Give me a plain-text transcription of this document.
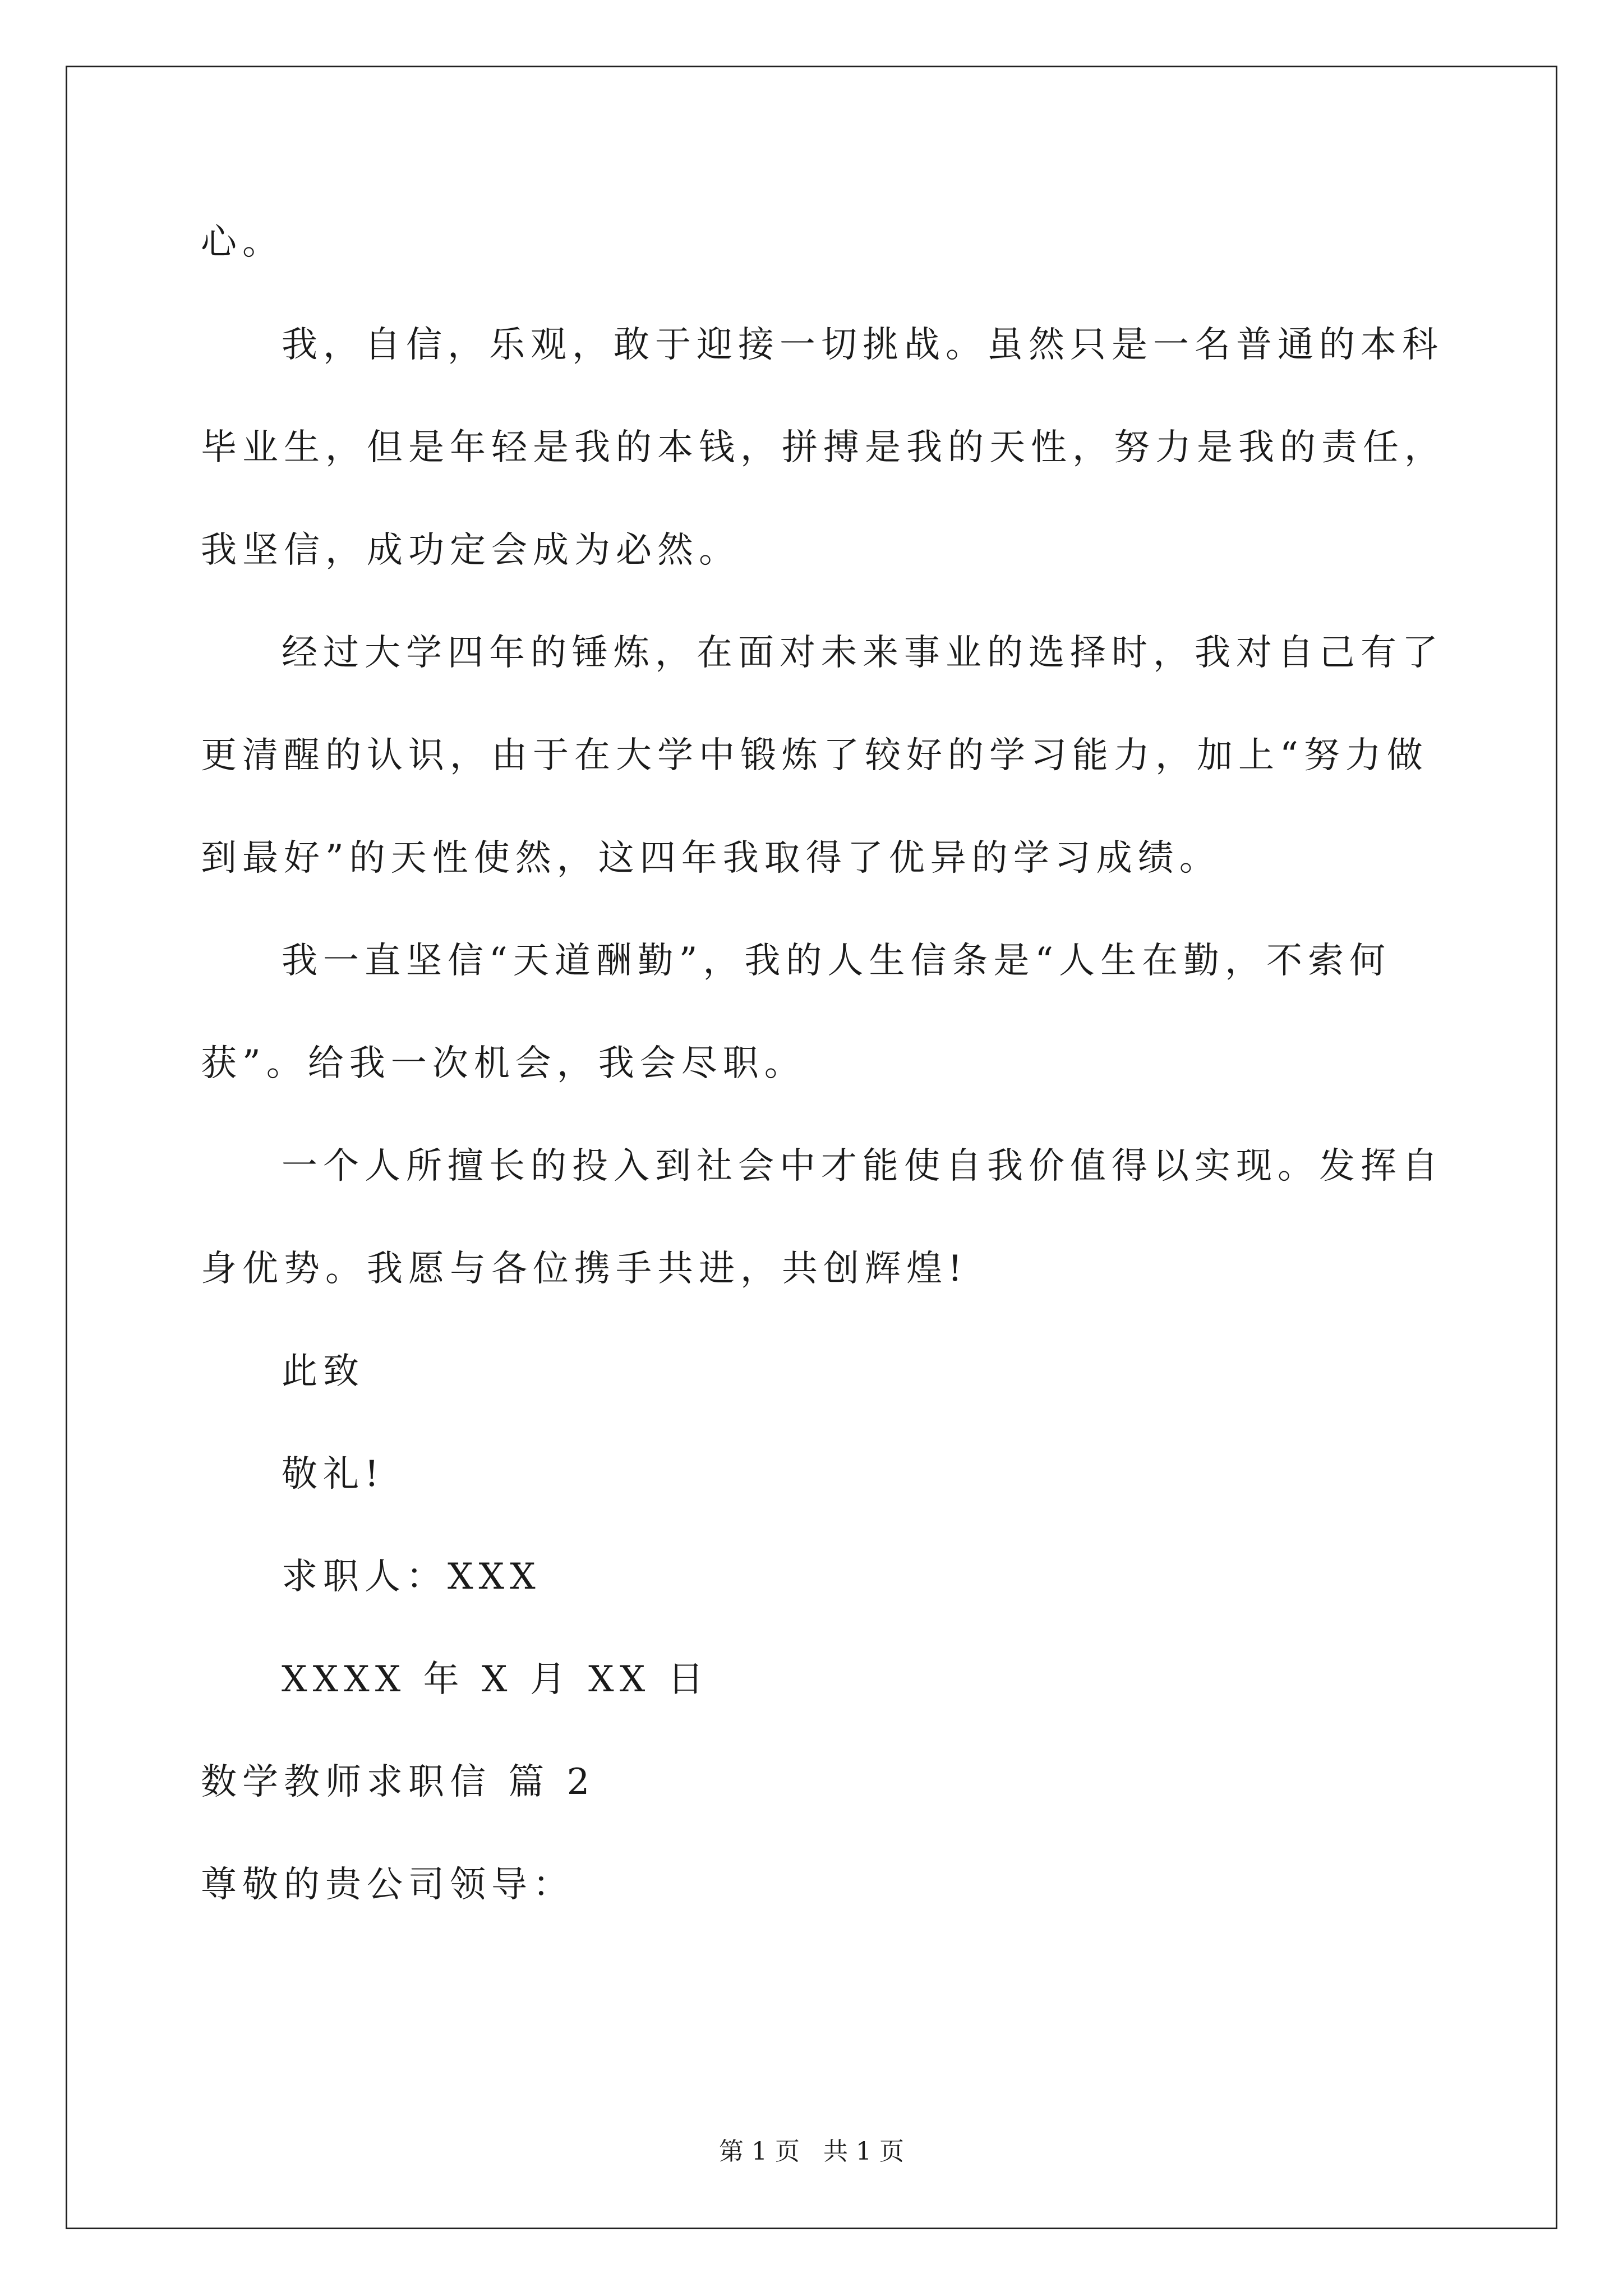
心。
我，自信，乐观，敢于迎接一切挑战。虽然只是一名普通的本科
毕业生，但是年轻是我的本钱，拼搏是我的天性，努力是我的责任，
我坚信，成功定会成为必然。
经过大学四年的锤炼，在面对未来事业的选择时，我对自己有了
更清醒的认识，由于在大学中锻炼了较好的学习能力，加上“努力做
到最好”的天性使然，这四年我取得了优异的学习成绩。
我一直坚信“天道酬勤”，我的人生信条是“人生在勤，不索何
获”。给我一次机会，我会尽职。
一个人所擅长的投入到社会中才能使自我价值得以实现。发挥自
身优势。我愿与各位携手共进，共创辉煌!
此致
敬礼!
求职人：XXX
XXXX 年 X 月 XX 日
数学教师求职信 篇 2
尊敬的贵公司领导：
第 1 页   共 1 页
